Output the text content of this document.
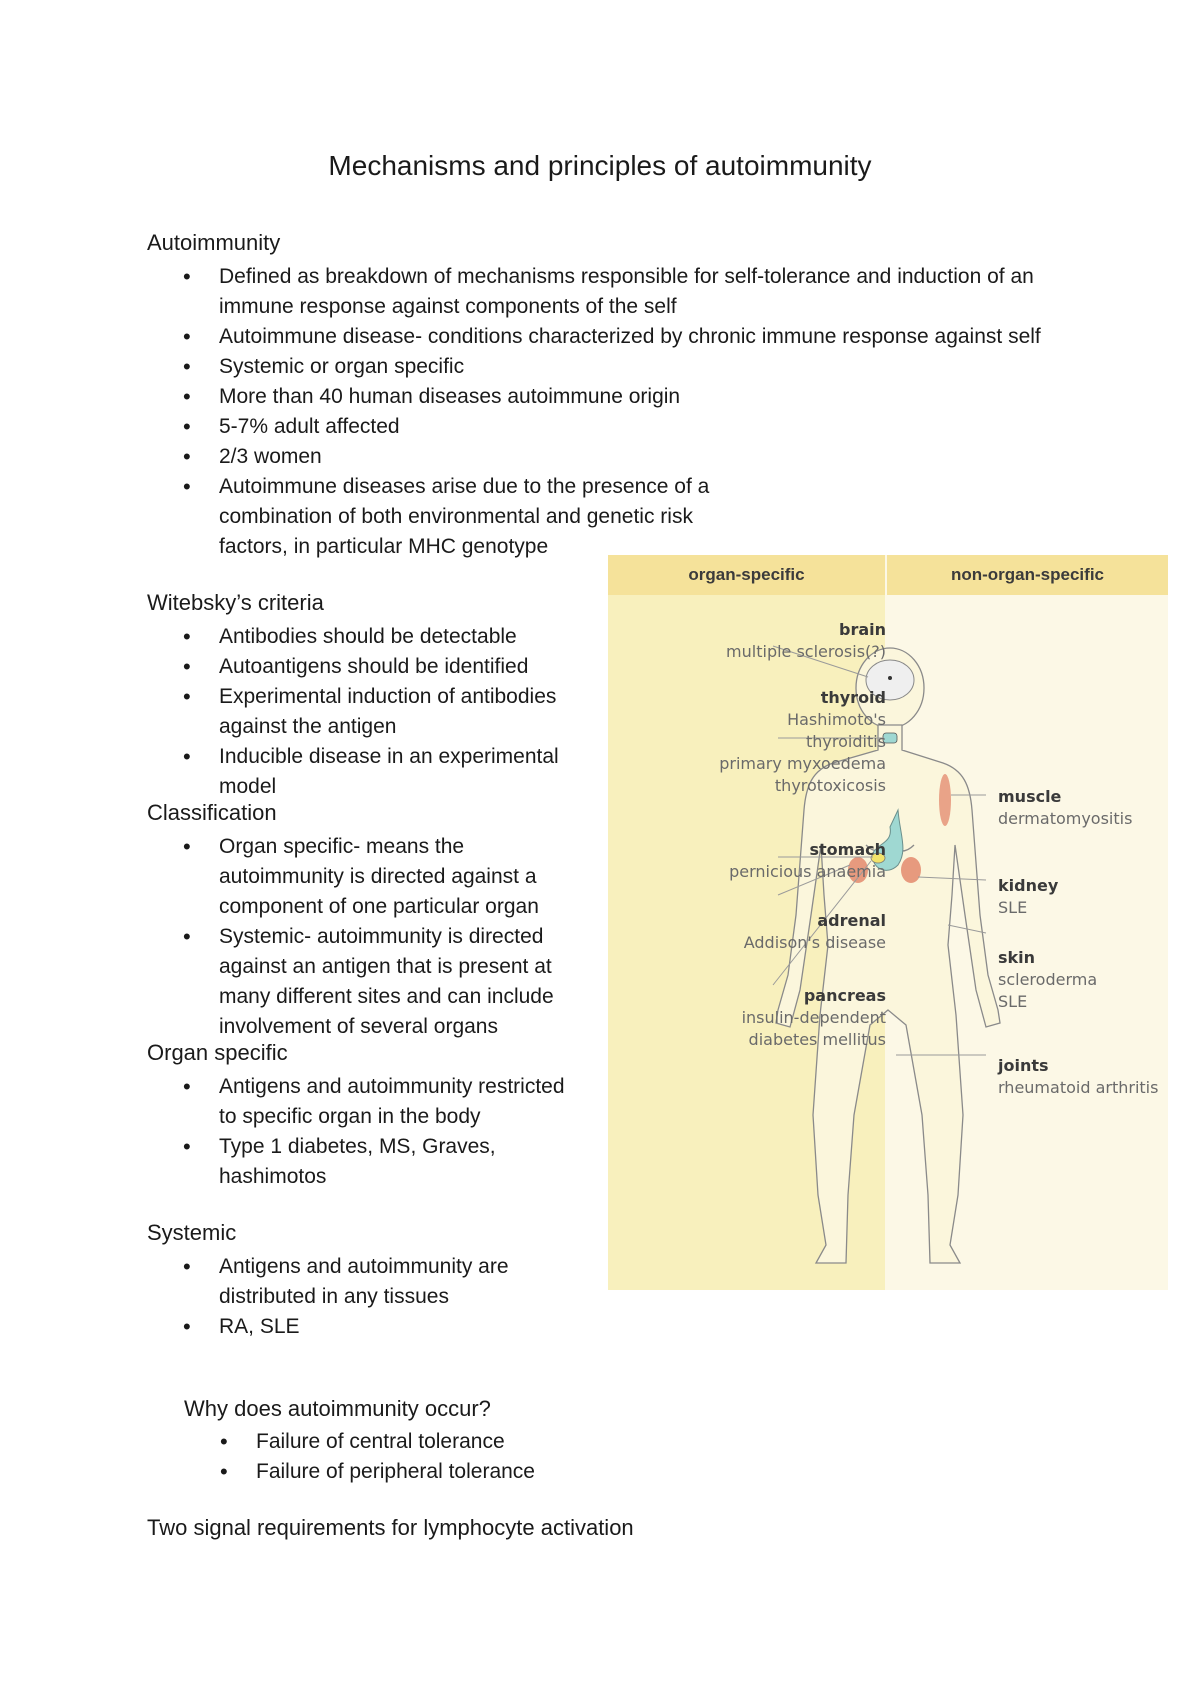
Mechanisms and principles of autoimmunity
Autoimmunity
• Defined as breakdown of mechanisms responsible for self-tolerance and induction of an immune response against components of the self
• Autoimmune disease- conditions characterized by chronic immune response against self
• Systemic or organ specific
• More than 40 human diseases autoimmune origin
• 5-7% adult affected
• 2/3 women
• Autoimmune diseases arise due to the presence of a combination of both environmental and genetic risk
factors, in particular MHC genotype
Witebsky’s criteria
• Antibodies should be detectable
• Autoantigens should be identified
• Experimental induction of antibodies against the antigen
• Inducible disease in an experimental model
Classification
• Organ specific- means the autoimmunity is directed against a component of one particular organ
• Systemic- autoimmunity is directed against an antigen that is present at many different sites and can include involvement of several organs
Organ specific
• Antigens and autoimmunity restricted to specific organ in the body
• Type 1 diabetes, MS, Graves, hashimotos
Systemic
• Antigens and autoimmunity are distributed in any tissues
• RA, SLE
Why does autoimmunity occur?
• Failure of central tolerance
• Failure of peripheral tolerance
Two signal requirements for lymphocyte activation
organ-specific	non-organ-specific
brain
multiple sclerosis(?)
thyroid
Hashimoto's
thyroiditis
primary myxoedema
thyrotoxicosis
stomach
pernicious anaemia
adrenal
Addison's disease
pancreas
insulin-dependent
diabetes mellitus
muscle
dermatomyositis
kidney
SLE
skin
scleroderma
SLE
joints
rheumatoid arthritis
